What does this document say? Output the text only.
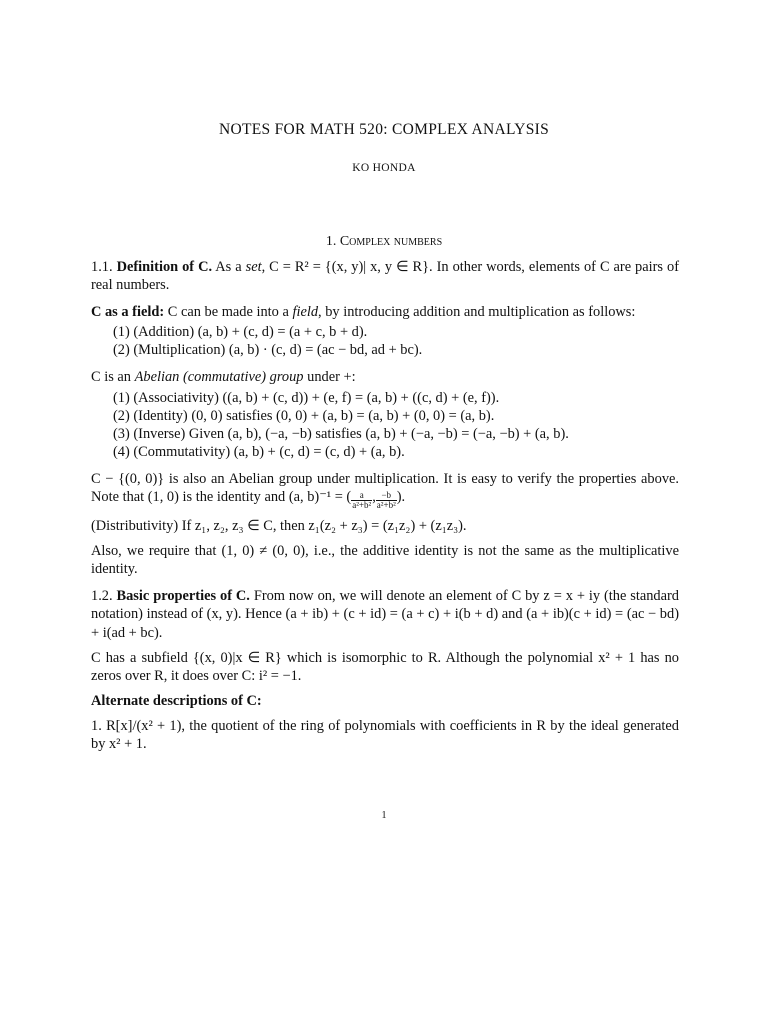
NOTES FOR MATH 520: COMPLEX ANALYSIS
KO HONDA
1. Complex numbers

1.1. Definition of C. As a set, C = R² = {(x, y)| x, y ∈ R}. In other words, elements of C are pairs of real numbers.

C as a field: C can be made into a field, by introducing addition and multiplication as follows:

(1) (Addition) (a, b) + (c, d) = (a + c, b + d).
(2) (Multiplication) (a, b) · (c, d) = (ac − bd, ad + bc).

C is an Abelian (commutative) group under +:

(1) (Associativity) ((a, b) + (c, d)) + (e, f) = (a, b) + ((c, d) + (e, f)).
(2) (Identity) (0, 0) satisfies (0, 0) + (a, b) = (a, b) + (0, 0) = (a, b).
(3) (Inverse) Given (a, b), (−a, −b) satisfies (a, b) + (−a, −b) = (−a, −b) + (a, b).
(4) (Commutativity) (a, b) + (c, d) = (c, d) + (a, b).

C − {(0, 0)} is also an Abelian group under multiplication. It is easy to verify the properties above. Note that (1, 0) is the identity and (a, b)⁻¹ = ( $\frac{a}{\text{a²+b²}}$ , $\frac{-b}{\text{a²+b²}}$ ).

(Distributivity) If z₁, z₂, z₃ ∈ C, then z₁(z₂ + z₃) = (z₁z₂) + (z₁z₃).

Also, we require that (1, 0) ≠ (0, 0), i.e., the additive identity is not the same as the multiplicative identity.

1.2. Basic properties of C. From now on, we will denote an element of C by z = x + iy (the standard notation) instead of (x, y). Hence (a + ib) + (c + id) = (a + c) + i(b + d) and (a + ib)(c + id) = (ac − bd) + i(ad + bc).

C has a subfield {(x, 0)|x ∈ R} which is isomorphic to R. Although the polynomial x² + 1 has no zeros over R, it does over C: i² = −1.

Alternate descriptions of C:

1. R[x]/(x² + 1), the quotient of the ring of polynomials with coefficients in R by the ideal generated by x² + 1.

1
